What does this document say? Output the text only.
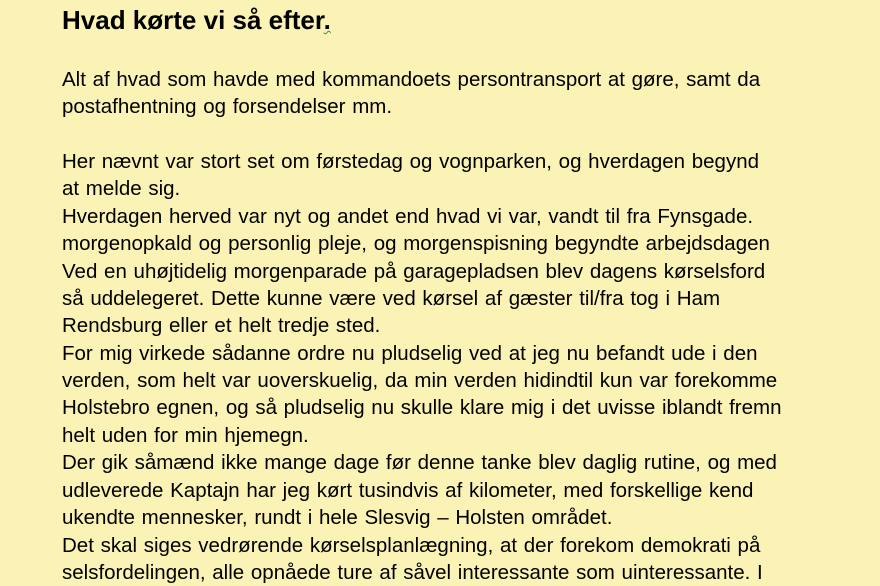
Hvad kørte vi så efter.
Alt af hvad som havde med kommandoets persontransport at gøre, samt da
postafhentning og forsendelser mm.
Her nævnt var stort set om førstedag og vognparken, og hverdagen begynd
at melde sig.
Hverdagen herved var nyt og andet end hvad vi var, vandt til fra Fynsgade.
morgenopkald og personlig pleje, og morgenspisning begyndte arbejdsdagen
Ved en uhøjtidelig morgenparade på garagepladsen blev dagens kørselsford
så uddelegeret. Dette kunne være ved kørsel af gæster til/fra tog i Ham
Rendsburg eller et helt tredje sted.
For mig virkede sådanne ordre nu pludselig ved at jeg nu befandt ude i den
verden, som helt var uoverskuelig, da min verden hidindtil kun var forekomme
Holstebro egnen, og så pludselig nu skulle klare mig i det uvisse iblandt fremn
helt uden for min hjemegn.
Der gik såmænd ikke mange dage før denne tanke blev daglig rutine, og med
udleverede Kaptajn har jeg kørt tusindvis af kilometer, med forskellige kend
ukendte mennesker, rundt i hele Slesvig – Holsten området.
Det skal siges vedrørende kørselsplanlægning, at der forekom demokrati på
selsfordelingen, alle opnåede ture af såvel interessante som uinteressante. I
